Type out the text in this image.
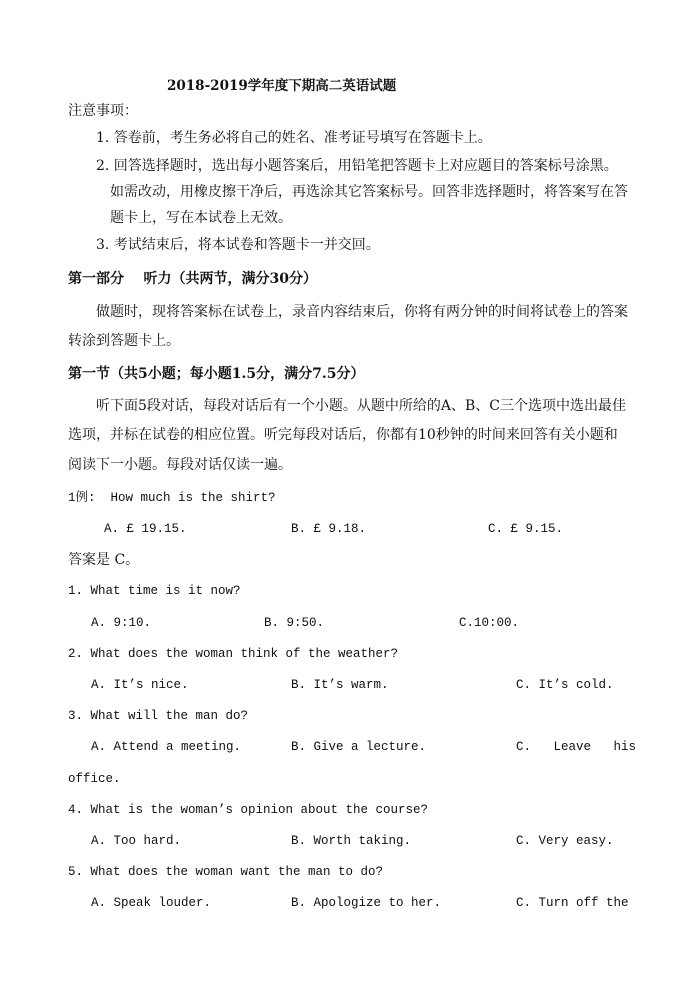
2018-2019学年度下期高二英语试题
注意事项：
1. 答卷前，考生务必将自己的姓名、准考证号填写在答题卡上。
2. 回答选择题时，选出每小题答案后，用铅笔把答题卡上对应题目的答案标号涂黑。
如需改动，用橡皮擦干净后，再选涂其它答案标号。回答非选择题时，将答案写在答
题卡上，写在本试卷上无效。
3. 考试结束后，将本试卷和答题卡一并交回。
第一部分    听力（共两节，满分30分）
做题时，现将答案标在试卷上，录音内容结束后，你将有两分钟的时间将试卷上的答案
转涂到答题卡上。
第一节（共5小题；每小题1.5分，满分7.5分）
听下面5段对话，每段对话后有一个小题。从题中所给的A、B、C三个选项中选出最佳
选项，并标在试卷的相应位置。听完每段对话后，你都有10秒钟的时间来回答有关小题和
阅读下一小题。每段对话仅读一遍。
1例:  How much is the shirt?
A. £ 19.15.	B. £ 9.18.	C. £ 9.15.
答案是 C。
1. What time is it now?
A. 9:10.	B. 9:50.	C.10:00.
2. What does the woman think of the weather?
A. It’s nice.	B. It’s warm.	C. It’s cold.
3. What will the man do?
A. Attend a meeting.	B. Give a lecture.	C.   Leave   his
office.
4. What is the woman’s opinion about the course?
A. Too hard.	B. Worth taking.	C. Very easy.
5. What does the woman want the man to do?
A. Speak louder.	B. Apologize to her.	C. Turn off the
